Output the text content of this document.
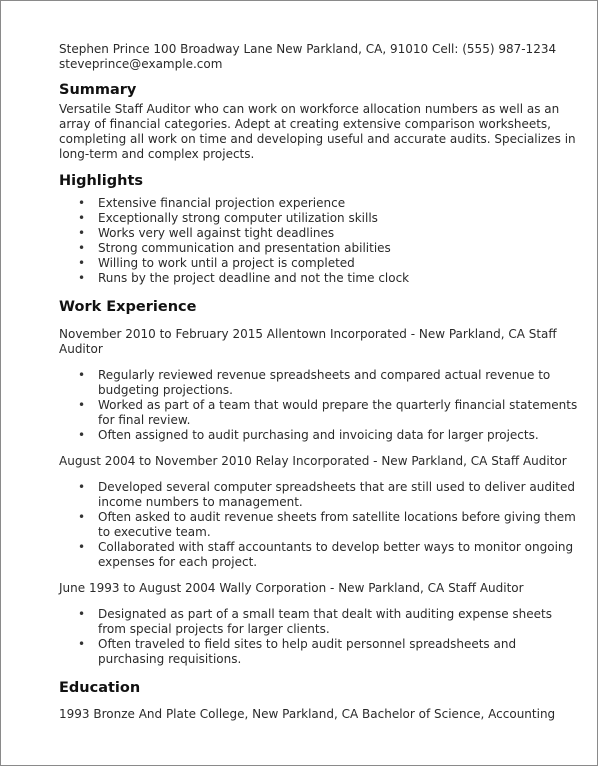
Stephen Prince 100 Broadway Lane New Parkland, CA, 91010 Cell: (555) 987-1234
steveprince@example.com
Summary
Versatile Staff Auditor who can work on workforce allocation numbers as well as an array of financial categories. Adept at creating extensive comparison worksheets, completing all work on time and developing useful and accurate audits. Specializes in long-term and complex projects.
Highlights
• Extensive financial projection experience
• Exceptionally strong computer utilization skills
• Works very well against tight deadlines
• Strong communication and presentation abilities
• Willing to work until a project is completed
• Runs by the project deadline and not the time clock
Work Experience
November 2010 to February 2015 Allentown Incorporated - New Parkland, CA Staff Auditor
• Regularly reviewed revenue spreadsheets and compared actual revenue to budgeting projections.
• Worked as part of a team that would prepare the quarterly financial statements for final review.
• Often assigned to audit purchasing and invoicing data for larger projects.
August 2004 to November 2010 Relay Incorporated - New Parkland, CA Staff Auditor
• Developed several computer spreadsheets that are still used to deliver audited income numbers to management.
• Often asked to audit revenue sheets from satellite locations before giving them to executive team.
• Collaborated with staff accountants to develop better ways to monitor ongoing expenses for each project.
June 1993 to August 2004 Wally Corporation - New Parkland, CA Staff Auditor
• Designated as part of a small team that dealt with auditing expense sheets from special projects for larger clients.
• Often traveled to field sites to help audit personnel spreadsheets and purchasing requisitions.
Education
1993 Bronze And Plate College, New Parkland, CA Bachelor of Science, Accounting
